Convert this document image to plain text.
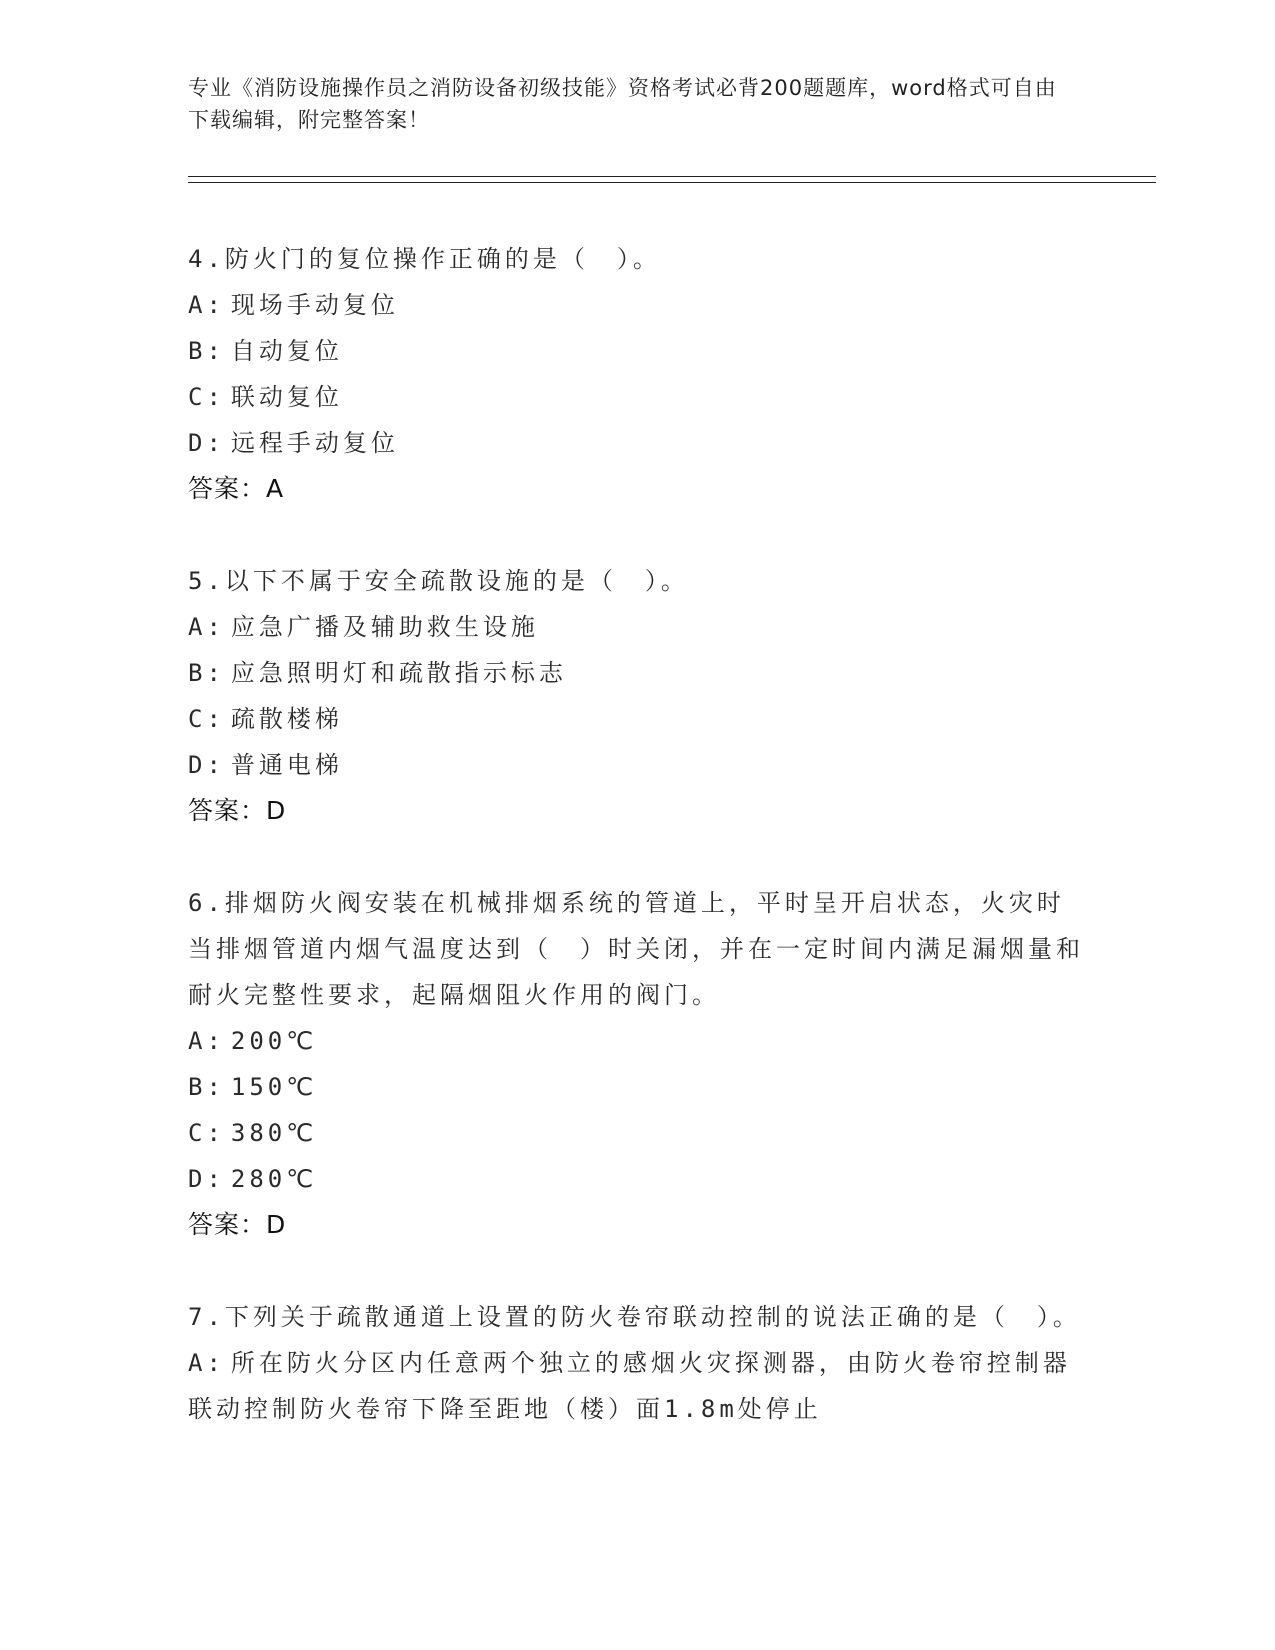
专业《消防设施操作员之消防设备初级技能》资格考试必背200题题库，word格式可自由下载编辑，附完整答案！

4.防火门的复位操作正确的是（　）。

A: 现场手动复位

B: 自动复位

C: 联动复位

D: 远程手动复位

答案：A

5.以下不属于安全疏散设施的是（　）。

A: 应急广播及辅助救生设施

B: 应急照明灯和疏散指示标志

C: 疏散楼梯

D: 普通电梯

答案：D

6.排烟防火阀安装在机械排烟系统的管道上，平时呈开启状态，火灾时当排烟管道内烟气温度达到（　）时关闭，并在一定时间内满足漏烟量和耐火完整性要求，起隔烟阻火作用的阀门。

A: 200℃

B: 150℃

C: 380℃

D: 280℃

答案：D

7.下列关于疏散通道上设置的防火卷帘联动控制的说法正确的是（　）。

A: 所在防火分区内任意两个独立的感烟火灾探测器，由防火卷帘控制器联动控制防火卷帘下降至距地（楼）面1.8m处停止
